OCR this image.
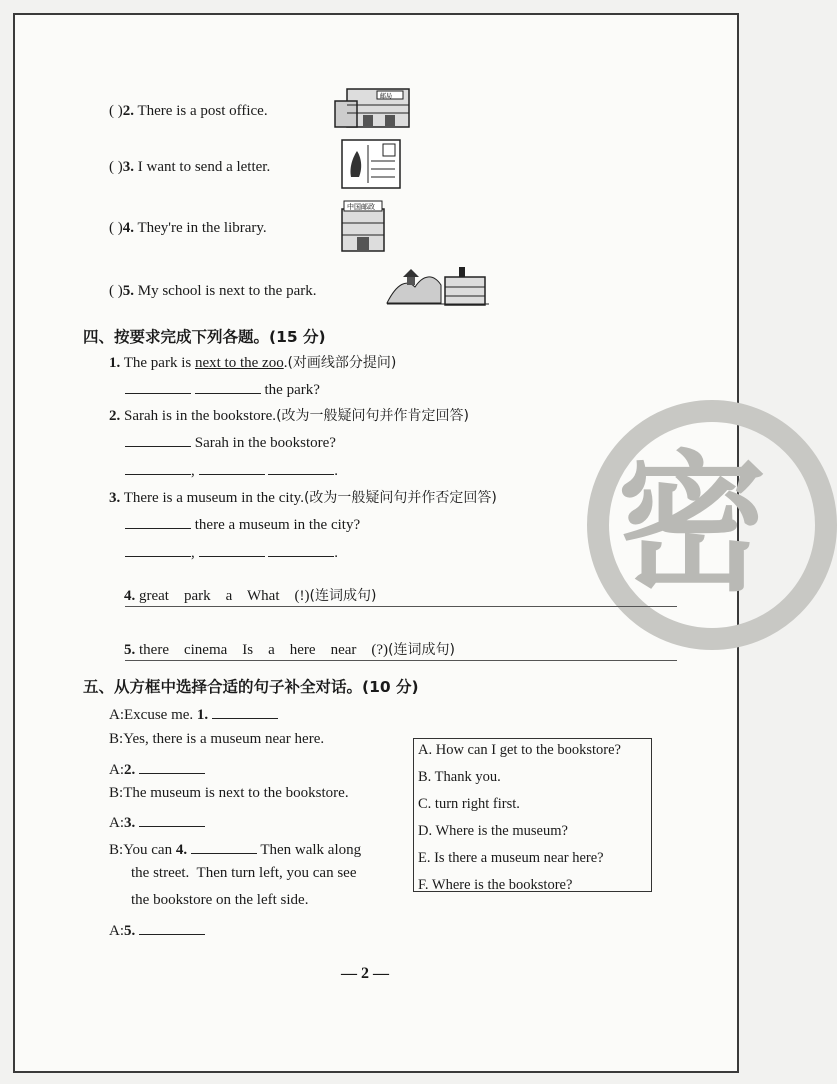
密
( )2. There is a post office.
邮局
( )3. I want to send a letter.
( )4. They're in the library.
中国邮政
( )5. My school is next to the park.
四、按要求完成下列各题。(15 分)
1. The park is next to the zoo.(对画线部分提问)
the park?
2. Sarah is in the bookstore.(改为一般疑问句并作肯定回答)
Sarah in the bookstore?
,	.
3. There is a museum in the city.(改为一般疑问句并作否定回答)
there a museum in the city?
,	.

4. great    park    a    What    (!)(连词成句)

5. there    cinema    Is    a    here    near    (?)(连词成句)

五、从方框中选择合适的句子补全对话。(10 分)
A:Excuse me. 1.
B:Yes, there is a museum near here.
A:2.
B:The museum is next to the bookstore.
A:3.
B:You can 4.	Then walk along
the street.  Then turn left, you can see
the bookstore on the left side.
A:5.
A. How can I get to the bookstore?
B. Thank you.
C. turn right first.
D. Where is the museum?
E. Is there a museum near here?
F. Where is the bookstore?
— 2 —
